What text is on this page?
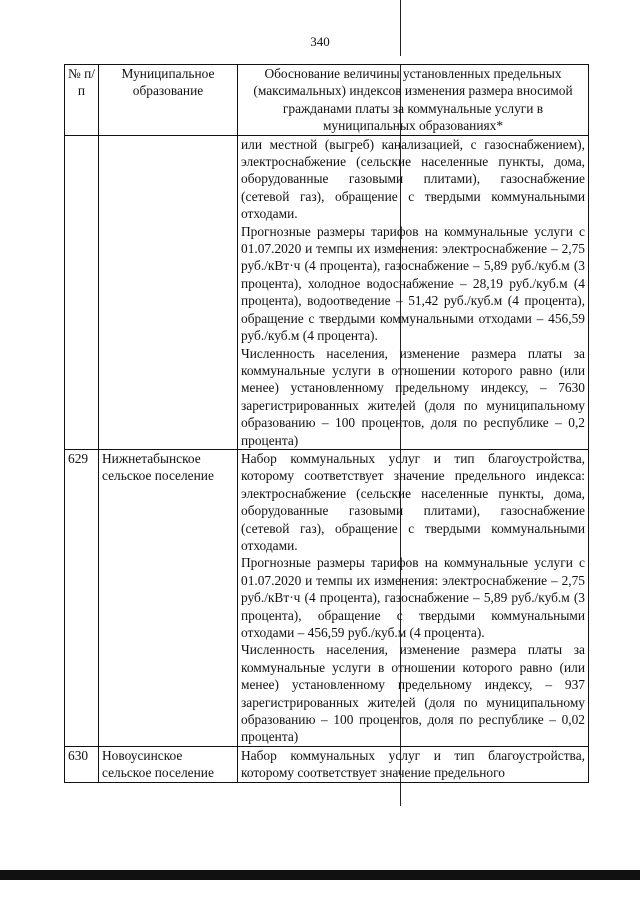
340
№ п/п	Муниципальное образование	Обоснование величины установленных предельных (максимальных) индексов изменения размера вносимой гражданами платы за коммунальные услуги в муниципальных образованиях*

		или местной (выгреб) канализацией, с газоснабжением), электроснабжение (сельские населенные пункты, дома, оборудованные газовыми плитами), газоснабжение (сетевой газ), обращение с твердыми коммунальными отходами.

Прогнозные размеры тарифов на коммунальные услуги с 01.07.2020 и темпы их изменения: электроснабжение – 2,75 руб./кВт·ч (4 процента), газоснабжение – 5,89 руб./куб.м (3 процента), холодное водоснабжение – 28,19 руб./куб.м (4 процента), водоотведение – 51,42 руб./куб.м (4 процента), обращение с твердыми коммунальными отходами – 456,59 руб./куб.м (4 процента).

Численность населения, изменение размера платы за коммунальные услуги в отношении которого равно (или менее) установленному предельному индексу, – 7630 зарегистрированных жителей (доля по муниципальному образованию – 100 процентов, доля по республике – 0,2 процента)

629	Нижнетабынское сельское поселение	Набор коммунальных услуг и тип благоустройства, которому соответствует значение предельного индекса: электроснабжение (сельские населенные пункты, дома, оборудованные газовыми плитами), газоснабжение (сетевой газ), обращение с твердыми коммунальными отходами.

Прогнозные размеры тарифов на коммунальные услуги с 01.07.2020 и темпы их изменения: электроснабжение – 2,75 руб./кВт·ч (4 процента), газоснабжение – 5,89 руб./куб.м (3 процента), обращение с твердыми коммунальными отходами – 456,59 руб./куб.м (4 процента).

Численность населения, изменение размера платы за коммунальные услуги в отношении которого равно (или менее) установленному предельному индексу, – 937 зарегистрированных жителей (доля по муниципальному образованию – 100 процентов, доля по республике – 0,02 процента)

630	Новоусинское сельское поселение	Набор коммунальных услуг и тип благоустройства, которому соответствует значение предельного
